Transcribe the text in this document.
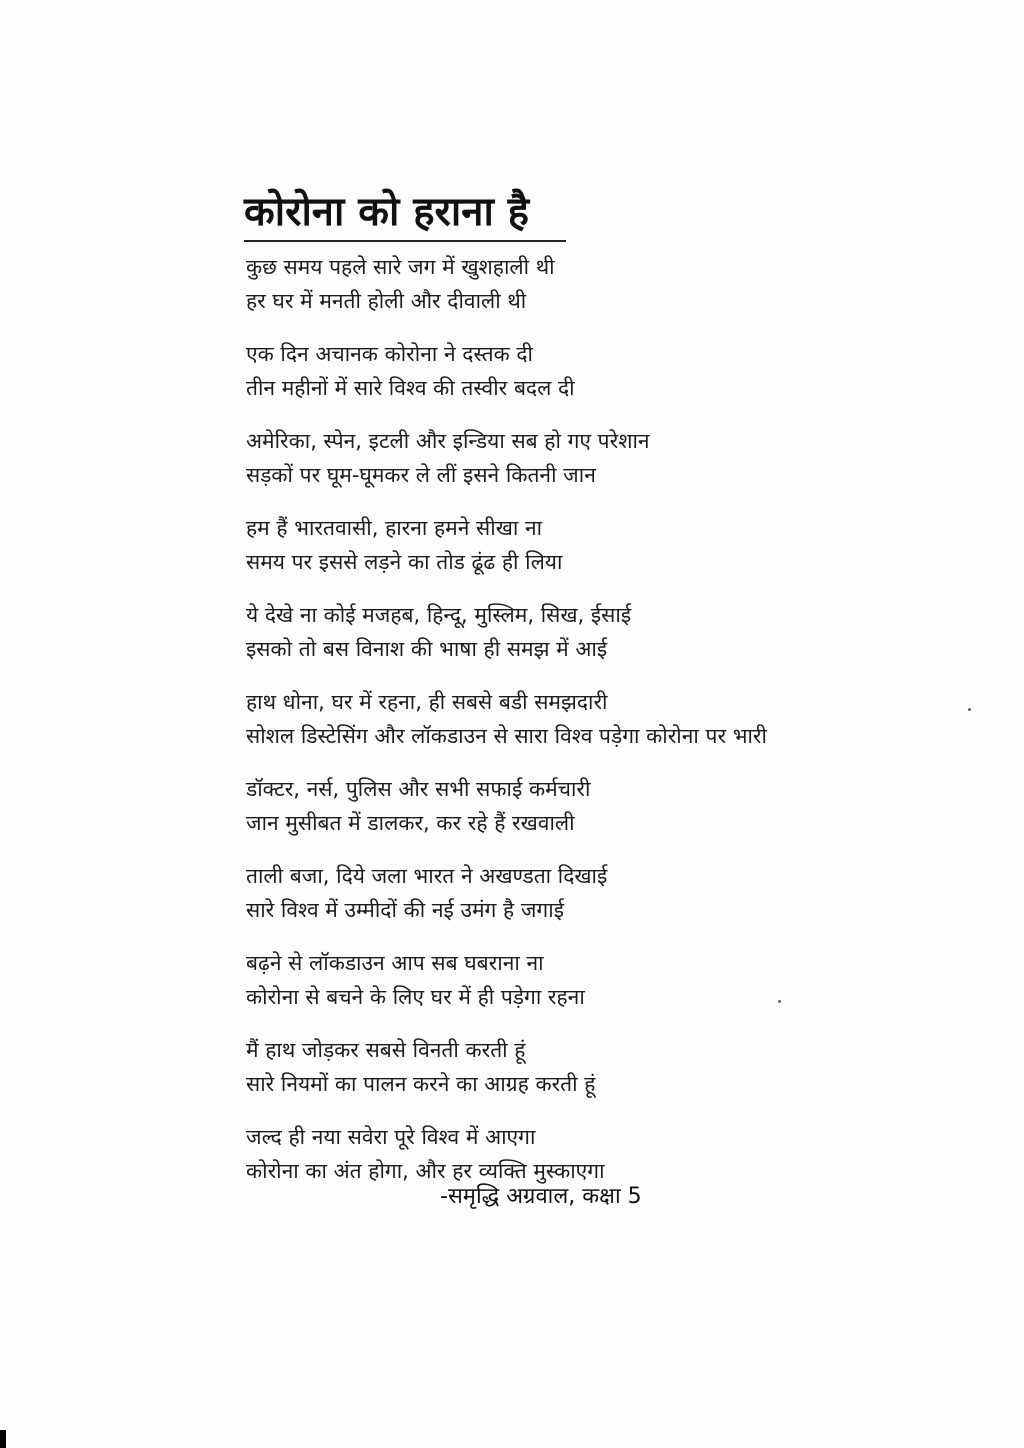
कोरोना को हराना है
कुछ समय पहले सारे जग में खुशहाली थी
हर घर में मनती होली और दीवाली थी
एक दिन अचानक कोरोना ने दस्तक दी
तीन महीनों में सारे विश्व की तस्वीर बदल दी
अमेरिका, स्पेन, इटली और इन्डिया सब हो गए परेशान
सड़कों पर घूम-घूमकर ले लीं इसने कितनी जान
हम हैं भारतवासी, हारना हमने सीखा ना
समय पर इससे लड़ने का तोड ढूंढ ही लिया
ये देखे ना कोई मजहब, हिन्दू, मुस्लिम, सिख, ईसाई
इसको तो बस विनाश की भाषा ही समझ में आई
हाथ धोना, घर में रहना, ही सबसे बडी समझदारी
सोशल डिस्टेसिंग और लॉकडाउन से सारा विश्व पड़ेगा कोरोना पर भारी
डॉक्टर, नर्स, पुलिस और सभी सफाई कर्मचारी
जान मुसीबत में डालकर, कर रहे हैं रखवाली
ताली बजा, दिये जला भारत ने अखण्डता दिखाई
सारे विश्व में उम्मीदों की नई उमंग है जगाई
बढ़ने से लॉकडाउन आप सब घबराना ना
कोरोना से बचने के लिए घर में ही पड़ेगा रहना
मैं हाथ जोड़कर सबसे विनती करती हूं
सारे नियमों का पालन करने का आग्रह करती हूं
जल्द ही नया सवेरा पूरे विश्व में आएगा
कोरोना का अंत होगा, और हर व्यक्ति मुस्काएगा
-समृद्धि अग्रवाल, कक्षा 5
